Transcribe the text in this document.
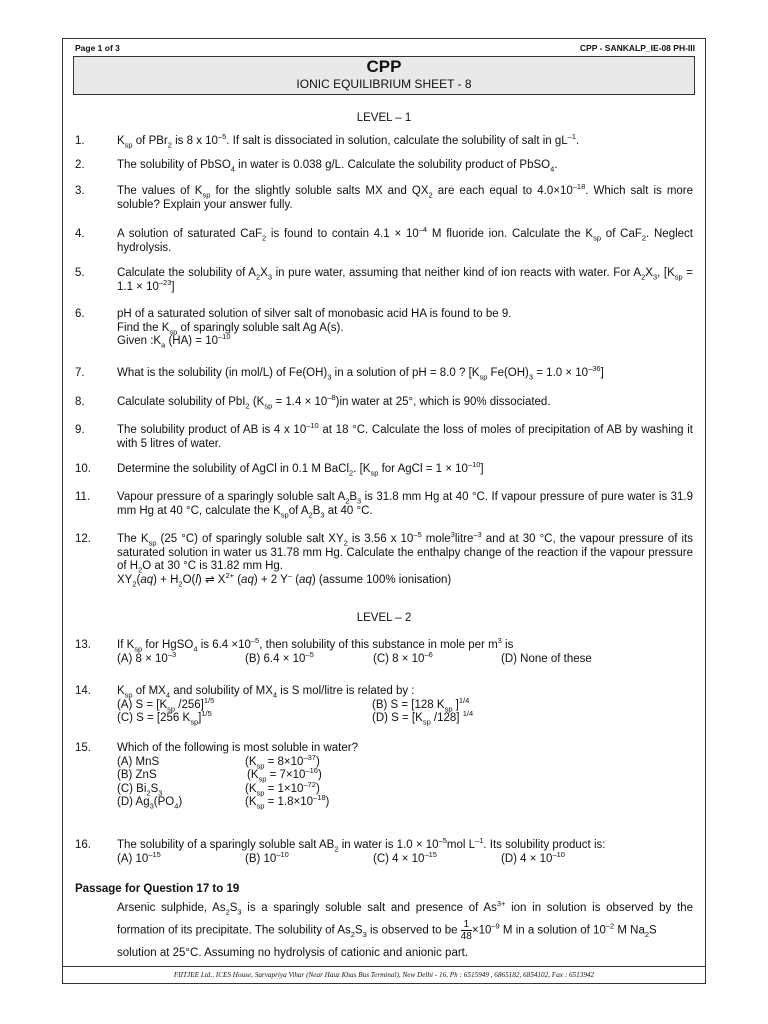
Page 1 of 3	CPP - SANKALP_IE-08 PH-III
CPP
IONIC EQUILIBRIUM SHEET - 8
LEVEL – 1
1.	$K_{sp}$ of PBr$_2$ is 8 x $10^{-5}$. If salt is dissociated in solution, calculate the solubility of salt in $gL^{-1}$.
2.	The solubility of PbSO$_4$ in water is 0.038 g/L. Calculate the solubility product of PbSO$_4$.
3.	The values of $K_{sp}$ for the slightly soluble salts MX and $QX_2$ are each equal to $4.0\times 10^{-18}$. Which salt is more soluble? Explain your answer fully.
4.	A solution of saturated CaF$_2$ is found to contain $4.1 \times 10^{-4}$ M fluoride ion. Calculate the $K_{sp}$ of CaF$_2$. Neglect hydrolysis.
5.	Calculate the solubility of $A_2X_3$ in pure water, assuming that neither kind of ion reacts with water. For $A_2X_3$, $[K_{sp} = 1.1 \times 10^{-23}]$
6.	pH of a saturated solution of silver salt of monobasic acid HA is found to be 9.
Find the $K_{sp}$ of sparingly soluble salt Ag A(s).
Given $:K_a$ $(HA) = 10^{-10}$
7.	What is the solubility (in mol/L) of $Fe(OH)_3$ in a solution of pH = 8.0 ? [$K_{sp}$ $Fe(OH)_3 = 1.0 \times 10^{-36}$]
8.	Calculate solubility of PbI$_2$ $(K_{sp} = 1.4 \times 10^{-8})in$ water at 25°, which is 90% dissociated.
9.	The solubility product of AB is 4 x $10^{-10}$ at 18 °C. Calculate the loss of moles of precipitation of AB by washing it with 5 litres of water.
10.	Determine the solubility of AgCl in 0.1 M BaCl$_2$. [$K_{sp}$ for AgCl = $1 \times 10^{-10}$]
11.	Vapour pressure of a sparingly soluble salt $A_2B_3$ is 31.8 mm Hg at 40 °C. If vapour pressure of pure water is 31.9 mm Hg at 40 °C, calculate the $K_{sp}of$ $A_2B_3$ at 40 °C.
12.	The $K_{sp}$ (25 °C) of sparingly soluble salt $XY_2$ is 3.56 x $10^{-5}$ mole$^3$litre$^{-3}$ and at 30 °C, the vapour pressure of its saturated solution in water us 31.78 mm Hg. Calculate the enthalpy change of the reaction if the vapour pressure of $H_2O$ at 30 °C is 31.82 mm Hg.
$XY_2(aq) + H_2O(l)$ ⇌ $X^{2+}$ (aq) + 2 Y– (aq) (assume 100% ionisation)
LEVEL – 2
13.	If $K_{sp}$ for HgSO$_4$ is $6.4 \times 10^{-5}$, then solubility of this substance in mole per $m^3$ is
(A) $8 \times 10^{-3}$	(B) $6.4 \times 10^{-5}$	(C) $8 \times 10^{-6}$	(D) None of these
14.	$K_{sp}$ of $MX_4$ and solubility of $MX_4$ is S mol/litre is related by :
(A) $S = [K_{sp}$ /256]$^{1/5}$	(B) S = [128 $K_{sp}$ ]$^{1/4}$
(C) S = [256 $K_{sp}]^{1/5}$	(D) $S = [K_{sp}$ /128] $^{1/4}$
15.	Which of the following is most soluble in water?
(A) MnS	$(K_{sp} = 8\times 10^{-37})$
(B) ZnS	$(K_{sp} = 7\times 10^{-16})$
(C) $Bi_2S_3$	$(K_{sp} = 1\times 10^{-72})$
(D) $Ag_3(PO_4)$	$(K_{sp} = 1.8\times 10^{-18})$
16.	The solubility of a sparingly soluble salt $AB_2$ in water is $1.0 \times 10^{-5}mol$ $L^{-1}$. Its solubility product is:
(A) $10^{-15}$	(B) $10^{-10}$	(C) $4 \times 10^{-15}$	(D) $4 \times 10^{-10}$
Passage for Question 17 to 19
Arsenic sulphide, $As_2S_3$ is a sparingly soluble salt and presence of $As^{3+}$ ion in solution is observed by the formation of its precipitate. The solubility of $As_2S_3$ is observed to be $\frac{1}{48} \times 10^{-9}$ M in a solution of $10^{-2}$ M $Na_2S$
solution at 25°C. Assuming no hydrolysis of cationic and anionic part.
FIITJEE Ltd., ICES House, Sarvapriya Vihar (Near Hauz Khas Bus Terminal), New Delhi - 16, Ph : 6515949 , 6865182, 6854102, Fax : 6513942
